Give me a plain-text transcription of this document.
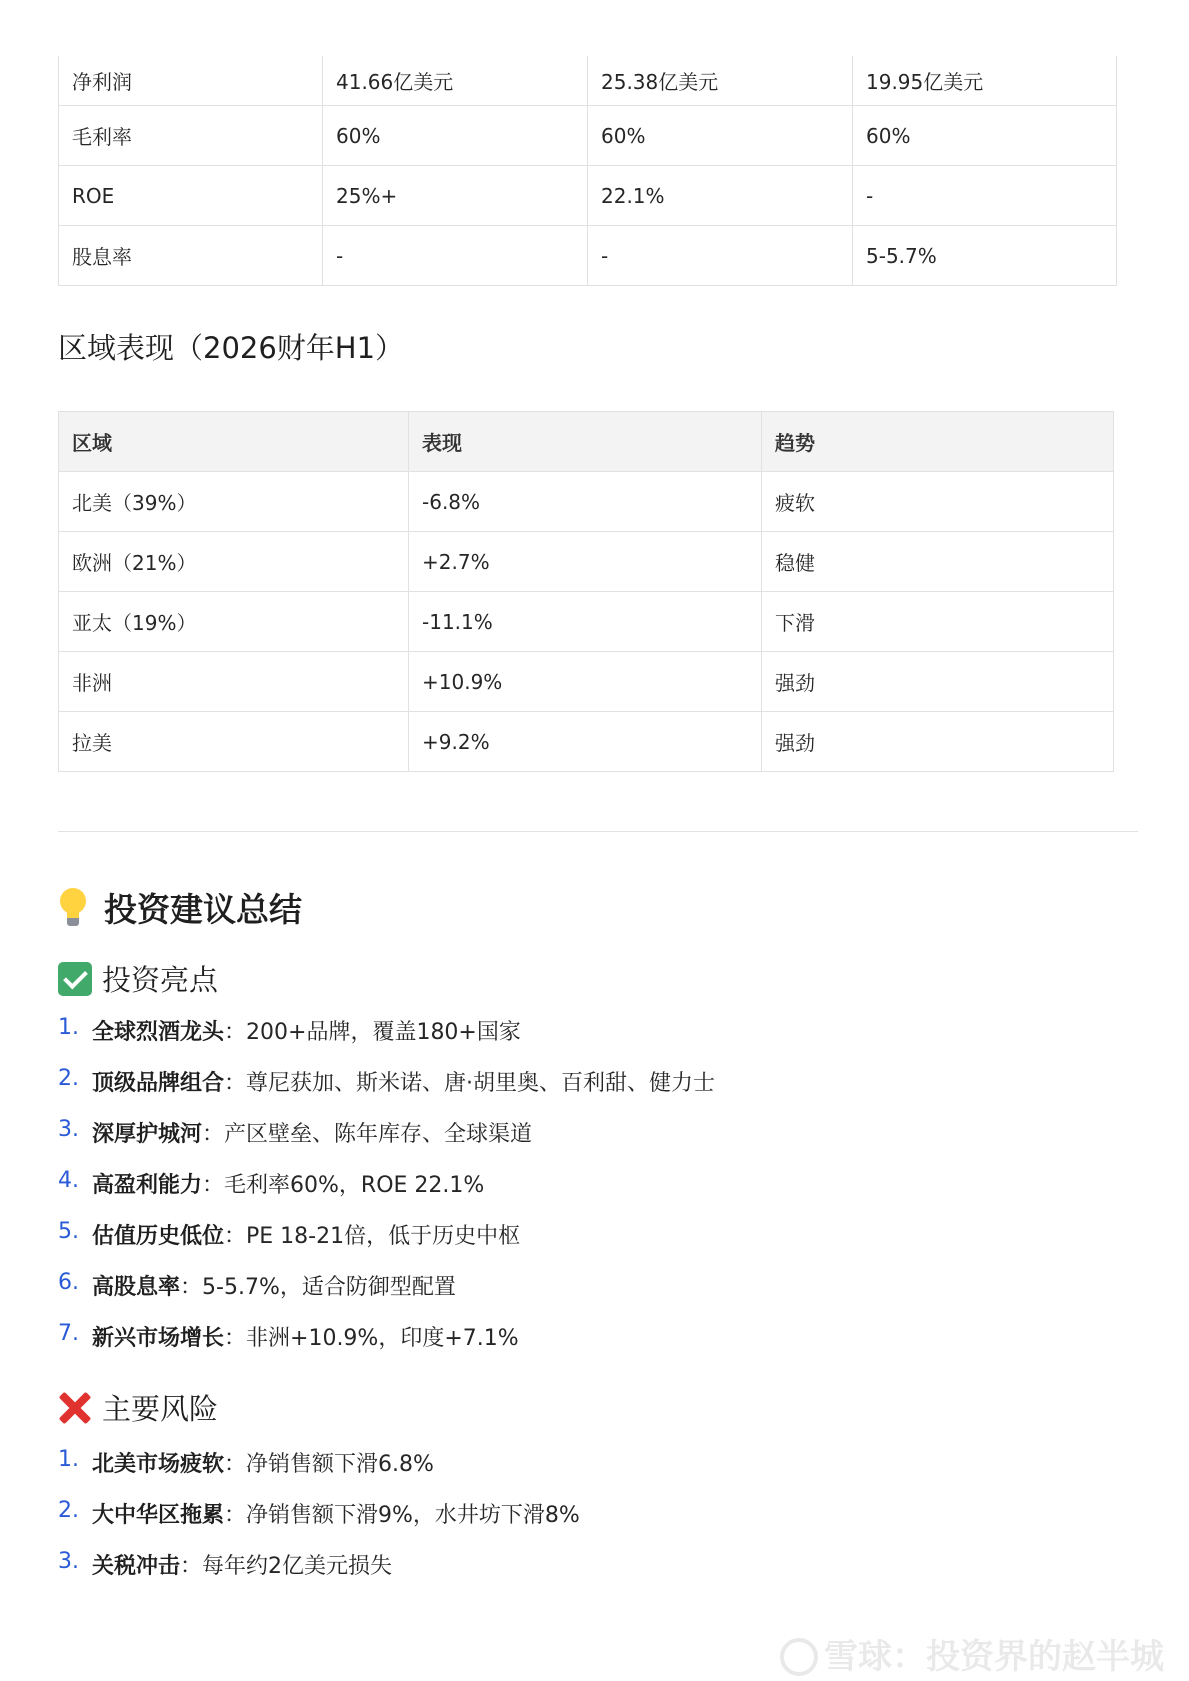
净利润	41.66亿美元	25.38亿美元	19.95亿美元
毛利率	60%	60%	60%
ROE	25%+	22.1%	-
股息率	-	-	5-5.7%
区域表现（2026财年H1）
区域	表现	趋势
北美（39%）	-6.8%	疲软
欧洲（21%）	+2.7%	稳健
亚太（19%）	-11.1%	下滑
非洲	+10.9%	强劲
拉美	+9.2%	强劲
投资建议总结
投资亮点
1. 全球烈酒龙头：200+品牌，覆盖180+国家
2. 顶级品牌组合：尊尼获加、斯米诺、唐·胡里奥、百利甜、健力士
3. 深厚护城河：产区壁垒、陈年库存、全球渠道
4. 高盈利能力：毛利率60%，ROE 22.1%
5. 估值历史低位：PE 18-21倍，低于历史中枢
6. 高股息率：5-5.7%，适合防御型配置
7. 新兴市场增长：非洲+10.9%，印度+7.1%
主要风险
1. 北美市场疲软：净销售额下滑6.8%
2. 大中华区拖累：净销售额下滑9%，水井坊下滑8%
3. 关税冲击：每年约2亿美元损失
雪球：投资界的赵半城
